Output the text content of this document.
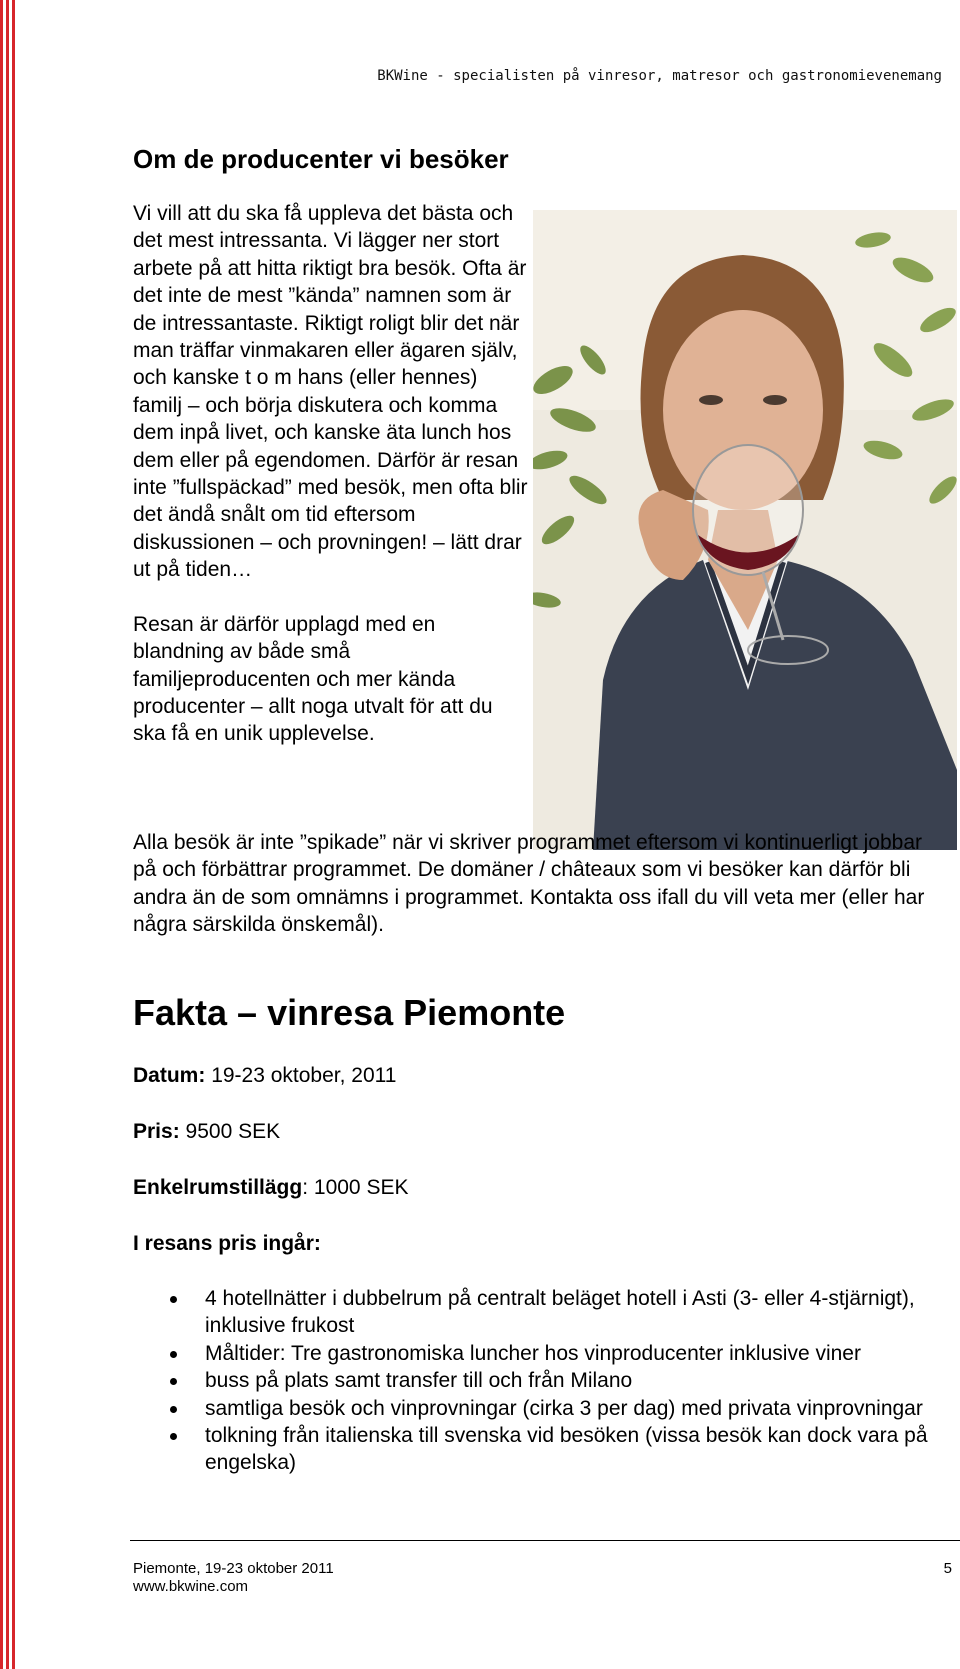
BKWine - specialisten på vinresor, matresor och gastronomievenemang
Om de producenter vi besöker

Vi vill att du ska få uppleva det bästa och det mest intressanta. Vi lägger ner stort arbete på att hitta riktigt bra besök. Ofta är det inte de mest ”kända” namnen som är de intressantaste. Riktigt roligt blir det när man träffar vinmakaren eller ägaren själv, och kanske t o m hans (eller hennes) familj – och börja diskutera och komma dem inpå livet, och kanske äta lunch hos dem eller på egendomen. Därför är resan inte ”fullspäckad” med besök, men ofta blir det ändå snålt om tid eftersom diskussionen – och provningen! – lätt drar ut på tiden…

Resan är därför upplagd med en blandning av både små familjeproducenten och mer kända producenter – allt noga utvalt för att du ska få en unik upplevelse.

Alla besök är inte ”spikade” när vi skriver programmet eftersom vi kontinuerligt jobbar på och förbättrar programmet. De domäner / châteaux som vi besöker kan därför bli andra än de som omnämns i programmet. Kontakta oss ifall du vill veta mer (eller har några särskilda önskemål).

Fakta – vinresa Piemonte

Datum: 19-23 oktober, 2011

Pris: 9500 SEK

Enkelrumstillägg: 1000 SEK

I resans pris ingår:

4 hotellnätter i dubbelrum på centralt beläget hotell i Asti (3- eller 4-stjärnigt), inklusive frukost
Måltider: Tre gastronomiska luncher hos vinproducenter inklusive viner
buss på plats samt transfer till och från Milano
samtliga besök och vinprovningar (cirka 3 per dag) med privata vinprovningar
tolkning från italienska till svenska vid besöken (vissa besök kan dock vara på engelska)
Piemonte, 19-23 oktober 2011
www.bkwine.com
5
